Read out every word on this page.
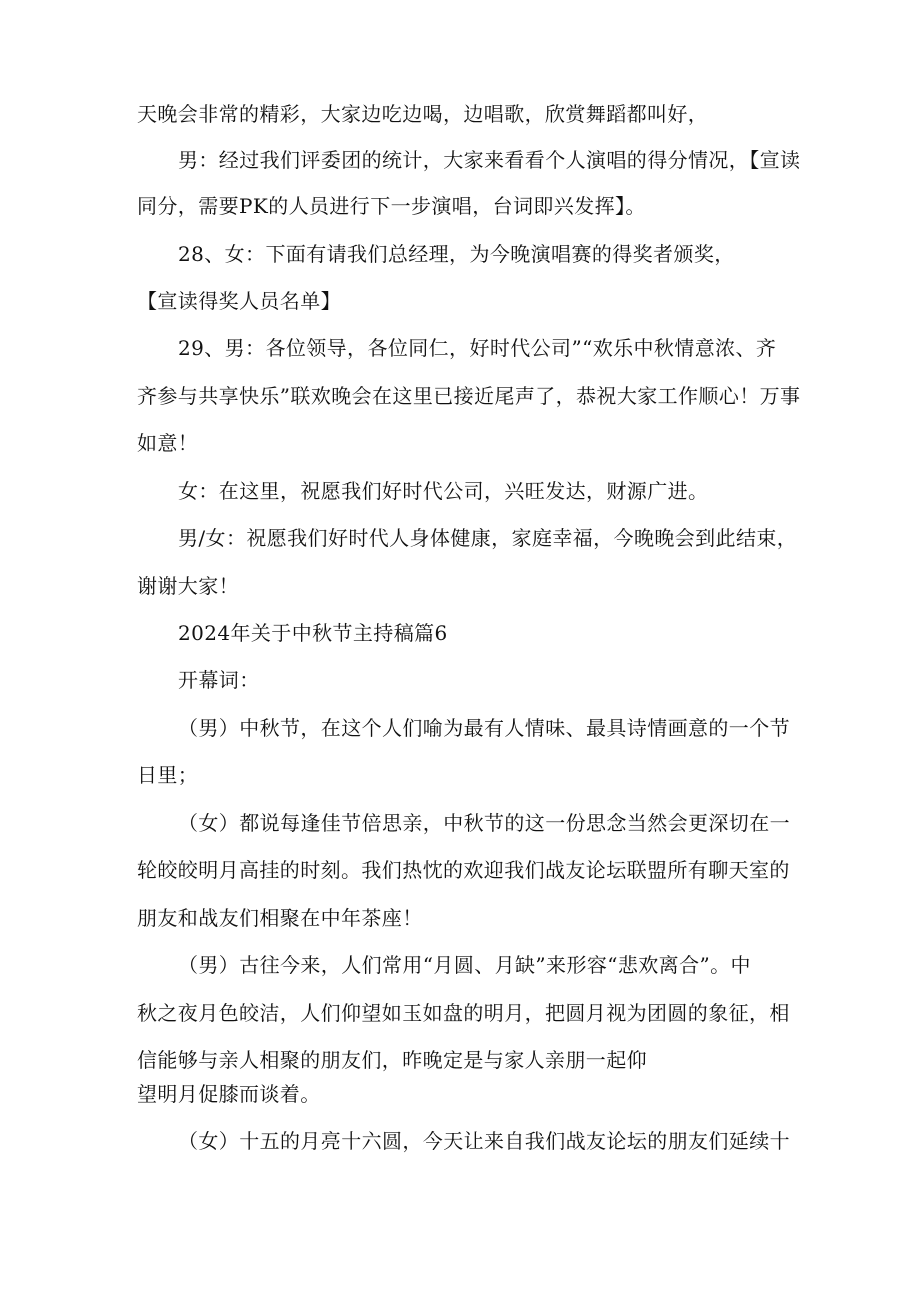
天晚会非常的精彩，大家边吃边喝，边唱歌，欣赏舞蹈都叫好，
男：经过我们评委团的统计，大家来看看个人演唱的得分情况，【宣读
同分，需要PK的人员进行下一步演唱，台词即兴发挥】。
28、女：下面有请我们总经理，为今晚演唱赛的得奖者颁奖，
【宣读得奖人员名单】
29、男：各位领导，各位同仁，好时代公司”“欢乐中秋情意浓、齐
齐参与共享快乐”联欢晚会在这里已接近尾声了，恭祝大家工作顺心！万事
如意！
女：在这里，祝愿我们好时代公司，兴旺发达，财源广进。
男/女：祝愿我们好时代人身体健康，家庭幸福，今晚晚会到此结束，
谢谢大家！
2024年关于中秋节主持稿篇6
开幕词：
（男）中秋节，在这个人们喻为最有人情味、最具诗情画意的一个节
日里；
（女）都说每逢佳节倍思亲，中秋节的这一份思念当然会更深切在一
轮皎皎明月高挂的时刻。我们热忱的欢迎我们战友论坛联盟所有聊天室的
朋友和战友们相聚在中年茶座！
（男）古往今来，人们常用“月圆、月缺”来形容“悲欢离合”。中
秋之夜月色皎洁，人们仰望如玉如盘的明月，把圆月视为团圆的象征，相
信能够与亲人相聚的朋友们，昨晚定是与家人亲朋一起仰
望明月促膝而谈着。
（女）十五的月亮十六圆，今天让来自我们战友论坛的朋友们延续十
